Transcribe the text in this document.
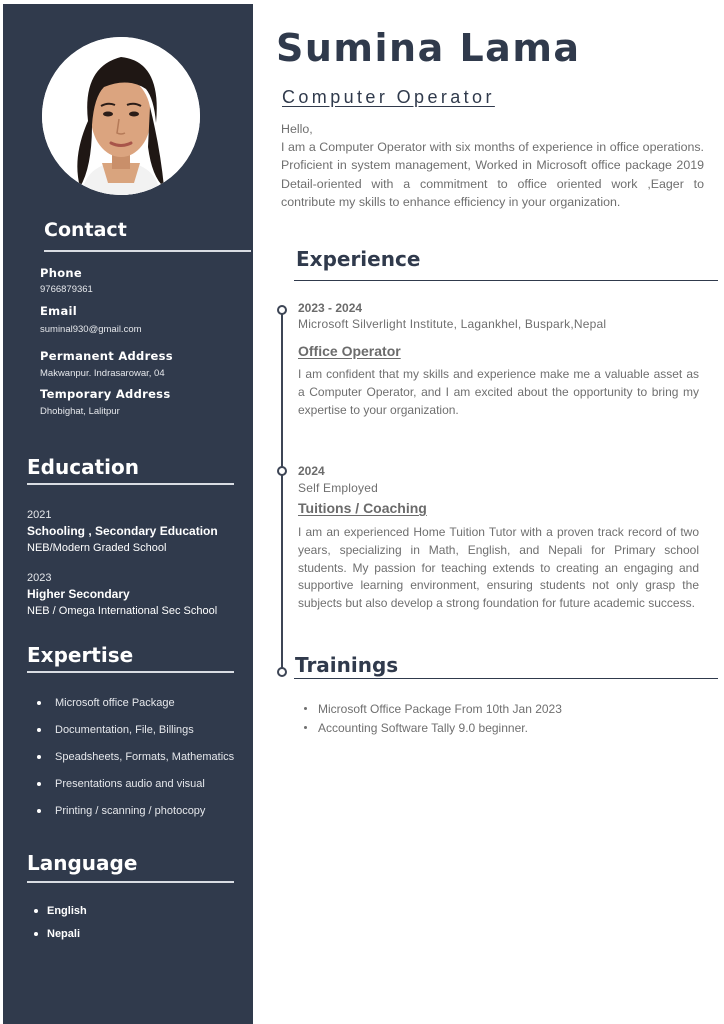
Contact
Phone
9766879361
Email
suminal930@gmail.com
Permanent Address
Makwanpur. Indrasarowar, 04
Temporary Address
Dhobighat, Lalitpur
Education
2021
Schooling , Secondary Education
NEB/Modern Graded School
2023
Higher Secondary
NEB / Omega International Sec School
Expertise
Microsoft office Package
Documentation, File, Billings
Speadsheets, Formats, Mathematics
Presentations audio and visual
Printing / scanning / photocopy
Language
English
Nepali
Sumina Lama
Computer Operator
Hello,
I am a Computer Operator with six months of experience in office operations. Proficient in system management, Worked in Microsoft office package 2019 Detail-oriented with a commitment to office oriented work ,Eager to contribute my skills to enhance efficiency in your organization.
Experience
2023 - 2024
Microsoft Silverlight Institute, Lagankhel, Buspark,Nepal
Office Operator
I am confident that my skills and experience make me a valuable asset as a Computer Operator, and I am excited about the opportunity to bring my expertise to your organization.
2024
Self Employed
Tuitions / Coaching
I am an experienced Home Tuition Tutor with a proven track record of two years, specializing in Math, English, and Nepali for Primary school students. My passion for teaching extends to creating an engaging and supportive learning environment, ensuring students not only grasp the subjects but also develop a strong foundation for future academic success.
Trainings
Microsoft Office Package From 10th Jan 2023
Accounting Software Tally 9.0 beginner.
